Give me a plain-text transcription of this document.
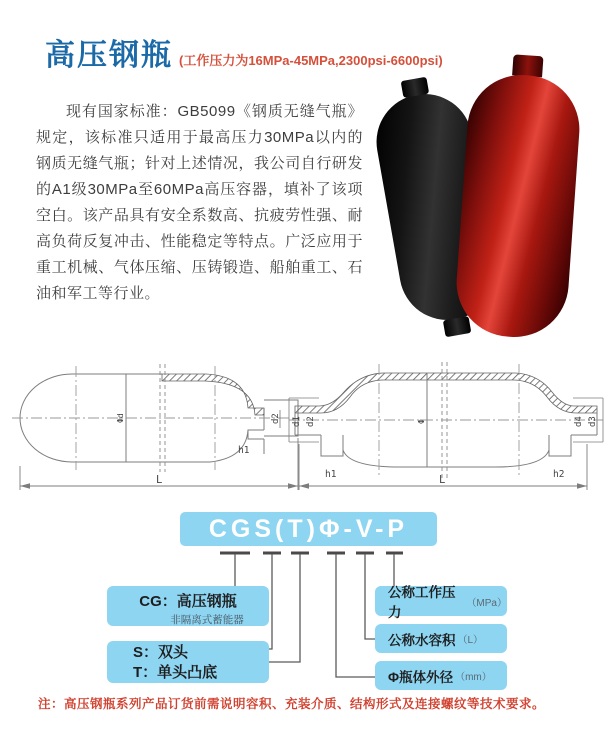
高压钢瓶 (工作压力为16MPa-45MPa,2300psi-6600psi)

现有国家标准：GB5099《钢质无缝气瓶》规定，该标准只适用于最高压力30MPa以内的钢质无缝气瓶；针对上述情况，我公司自行研发的A1级30MPa至60MPa高压容器，填补了该项空白。该产品具有安全系数高、抗疲劳性强、耐高负荷反复冲击、性能稳定等特点。广泛应用于重工机械、气体压缩、压铸锻造、船舶重工、石油和军工等行业。

Φd	d2
h1
L
Φ
d1 d2	d4 d3
h1	h2
L
CGS(T)Φ-V-P
CG：高压钢瓶
非隔离式蓄能器
S：双头
T：单头凸底
公称工作压力
（MPa）
公称水容积 （L）
Φ瓶体外径 （mm）
注：高压钢瓶系列产品订货前需说明容积、充装介质、结构形式及连接螺纹等技术要求。
